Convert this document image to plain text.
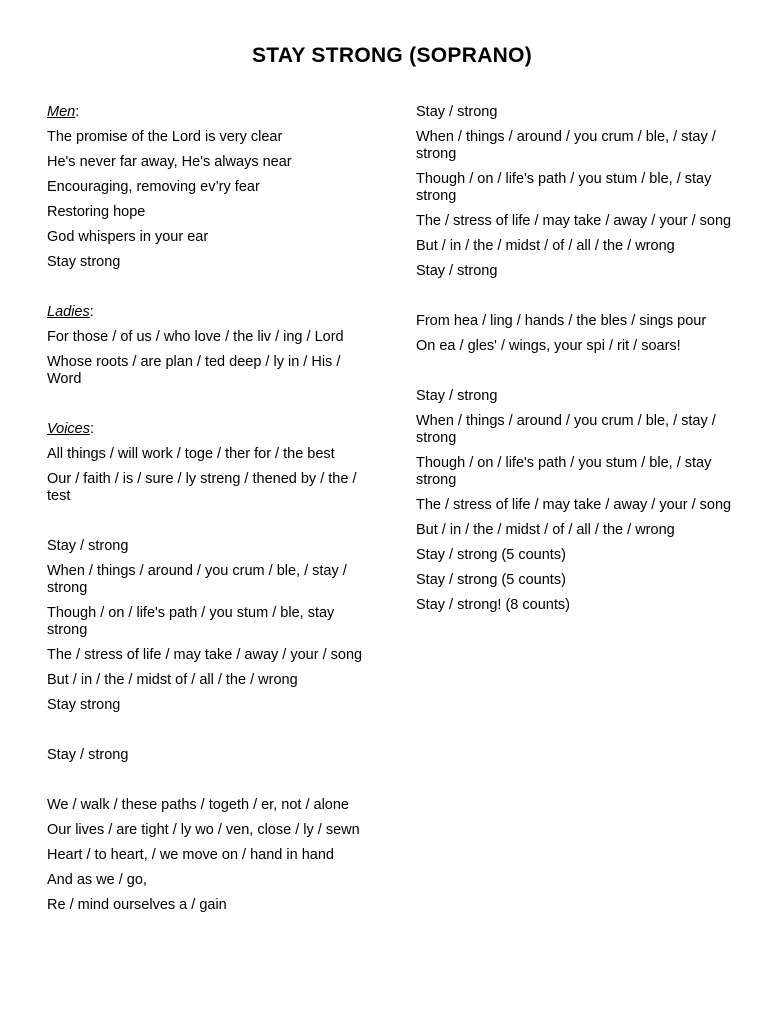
STAY STRONG (SOPRANO)
Men:
The promise of the Lord is very clear
He's never far away, He's always near
Encouraging, removing ev’ry fear
Restoring hope
God whispers in your ear
Stay strong
Ladies:
For those / of us / who love / the liv / ing / Lord
Whose roots / are plan / ted deep / ly in / His / Word
Voices:
All things / will work / toge / ther for / the best
Our / faith / is / sure / ly streng / thened by / the / test
Stay / strong
When / things / around / you crum / ble, / stay / strong
Though / on / life's path / you stum / ble, stay strong
The / stress of life / may take / away / your / song
But / in / the / midst of / all / the / wrong
Stay strong
Stay / strong
We / walk / these paths / togeth / er, not / alone
Our lives / are tight / ly wo / ven, close / ly / sewn
Heart / to heart, / we move on / hand in hand
And as we / go,
Re / mind ourselves a / gain
Stay / strong
When / things / around / you crum / ble, / stay / strong
Though / on / life's path / you stum / ble, / stay strong
The / stress of life / may take / away / your / song
But / in / the / midst / of / all / the / wrong
Stay / strong
From hea / ling / hands / the bles / sings pour
On ea / gles' / wings, your spi / rit / soars!
Stay / strong
When / things / around / you crum / ble, / stay / strong
Though / on / life's path / you stum / ble, / stay strong
The / stress of life / may take / away / your / song
But / in / the / midst / of / all / the / wrong
Stay / strong (5 counts)
Stay / strong (5 counts)
Stay / strong! (8 counts)
